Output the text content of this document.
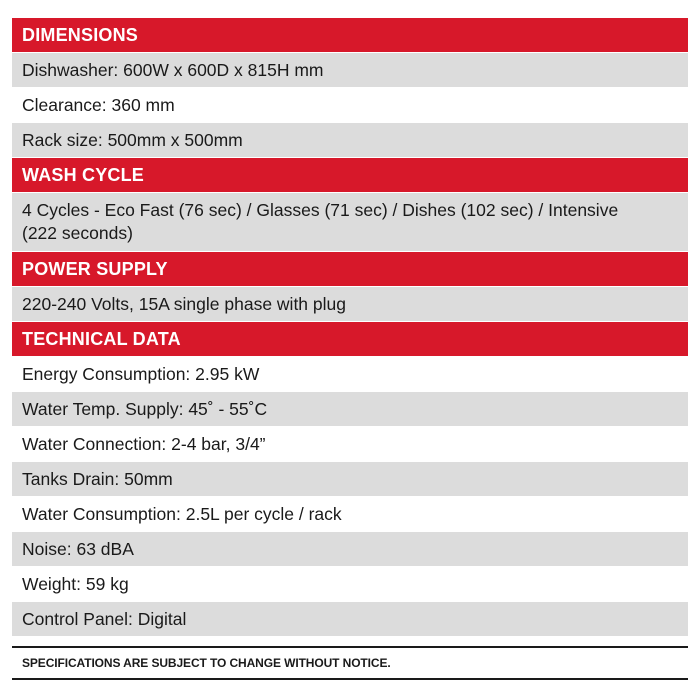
DIMENSIONS
Dishwasher: 600W x 600D x 815H mm
Clearance: 360 mm
Rack size: 500mm x 500mm
WASH CYCLE
4 Cycles - Eco Fast (76 sec) / Glasses (71 sec) / Dishes (102 sec) / Intensive (222 seconds)
POWER SUPPLY
220-240 Volts, 15A single phase with plug
TECHNICAL DATA
Energy Consumption: 2.95 kW
Water Temp. Supply: 45˚ - 55˚C
Water Connection: 2-4 bar, 3/4”
Tanks Drain: 50mm
Water Consumption: 2.5L per cycle / rack
Noise: 63 dBA
Weight: 59 kg
Control Panel: Digital
SPECIFICATIONS ARE SUBJECT TO CHANGE WITHOUT NOTICE.
